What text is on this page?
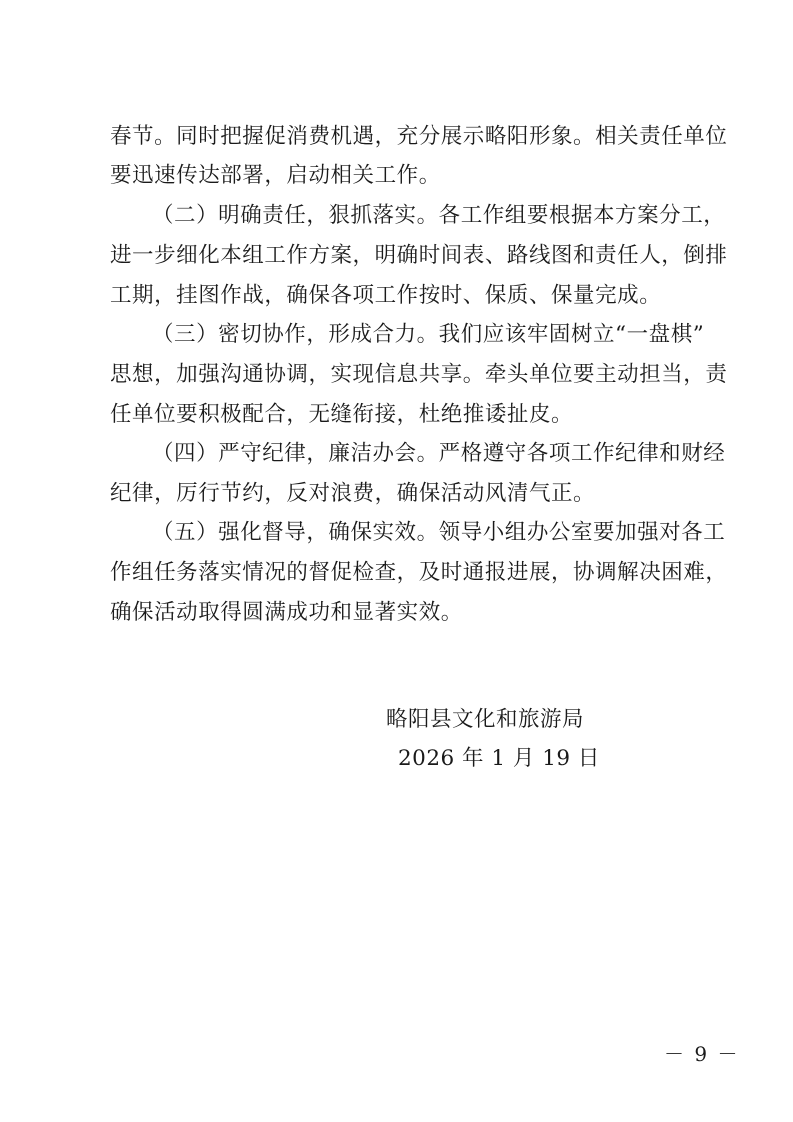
春节。同时把握促消费机遇，充分展示略阳形象。相关责任单位
要迅速传达部署，启动相关工作。
（二）明确责任，狠抓落实。各工作组要根据本方案分工，
进一步细化本组工作方案，明确时间表、路线图和责任人，倒排
工期，挂图作战，确保各项工作按时、保质、保量完成。
（三）密切协作，形成合力。我们应该牢固树立“一盘棋”
思想，加强沟通协调，实现信息共享。牵头单位要主动担当，责
任单位要积极配合，无缝衔接，杜绝推诿扯皮。
（四）严守纪律，廉洁办会。严格遵守各项工作纪律和财经
纪律，厉行节约，反对浪费，确保活动风清气正。
（五）强化督导，确保实效。领导小组办公室要加强对各工
作组任务落实情况的督促检查，及时通报进展，协调解决困难，
确保活动取得圆满成功和显著实效。
略阳县文化和旅游局
2026 年 1 月 19 日
－ 9 －
